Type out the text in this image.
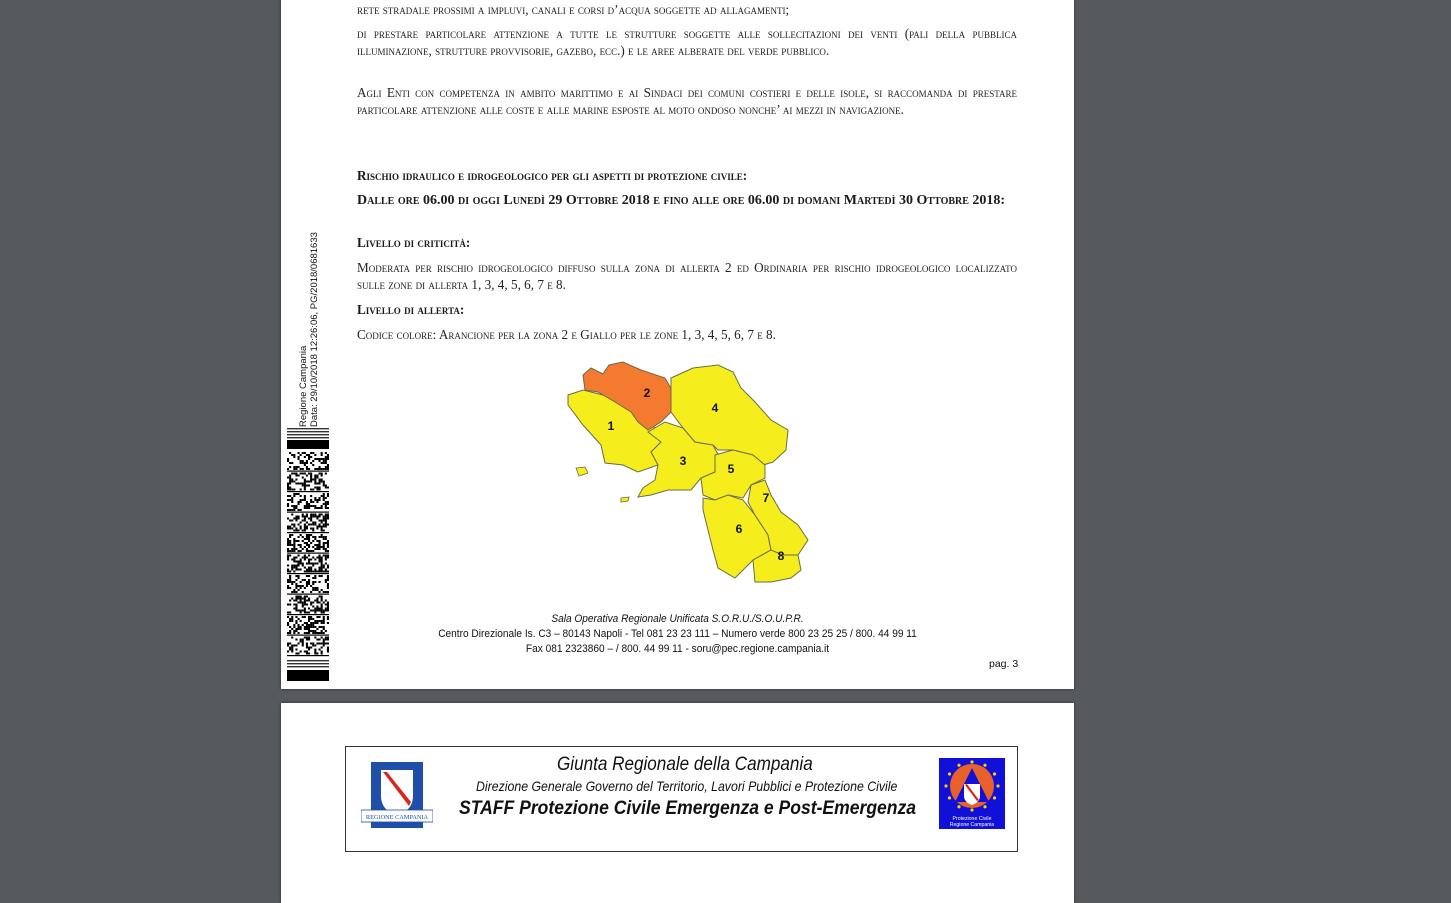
rete stradale prossimi a impluvi, canali e corsi d’acqua soggette ad allagamenti;

di prestare particolare attenzione a tutte le strutture soggette alle sollecitazioni dei venti (pali della pubblica illuminazione, strutture provvisorie, gazebo, ecc.) e le aree alberate del verde pubblico.

Agli Enti con competenza in ambito marittimo e ai Sindaci dei comuni costieri e delle isole, si raccomanda di prestare particolare attenzione alle coste e alle marine esposte al moto ondoso nonche’ ai mezzi in navigazione.

Rischio idraulico e idrogeologico per gli aspetti di protezione civile:

Dalle ore 06.00 di oggi Lunedì 29 Ottobre 2018 e fino alle ore 06.00 di domani Martedì 30 Ottobre 2018:

Livello di criticità:

Moderata per rischio idrogeologico diffuso sulla zona di allerta 2 ed Ordinaria per rischio idrogeologico localizzato sulle zone di allerta 1, 3, 4, 5, 6, 7 e 8.

Livello di allerta:

Codice colore: Arancione per la zona 2 e Giallo per le zone 1, 3, 4, 5, 6, 7 e 8.

1
2
3
4
5
6
7
8
Sala Operativa Regionale Unificata S.O.R.U./S.O.U.P.R.
Centro Direzionale Is. C3 – 80143 Napoli - Tel 081 23 23 111 – Numero verde 800 23 25 25 / 800. 44 99 11
Fax 081 2323860 – / 800. 44 99 11 - soru@pec.regione.campania.it
pag. 3
Regione Campania Data: 29/10/2018 12:26:06, PG/2018/0681633
REGIONE CAMPANIA
Giunta Regionale della Campania
Direzione Generale Governo del Territorio, Lavori Pubblici e Protezione Civile
STAFF Protezione Civile Emergenza e Post-Emergenza	Protezione Civile
Regione Campania
